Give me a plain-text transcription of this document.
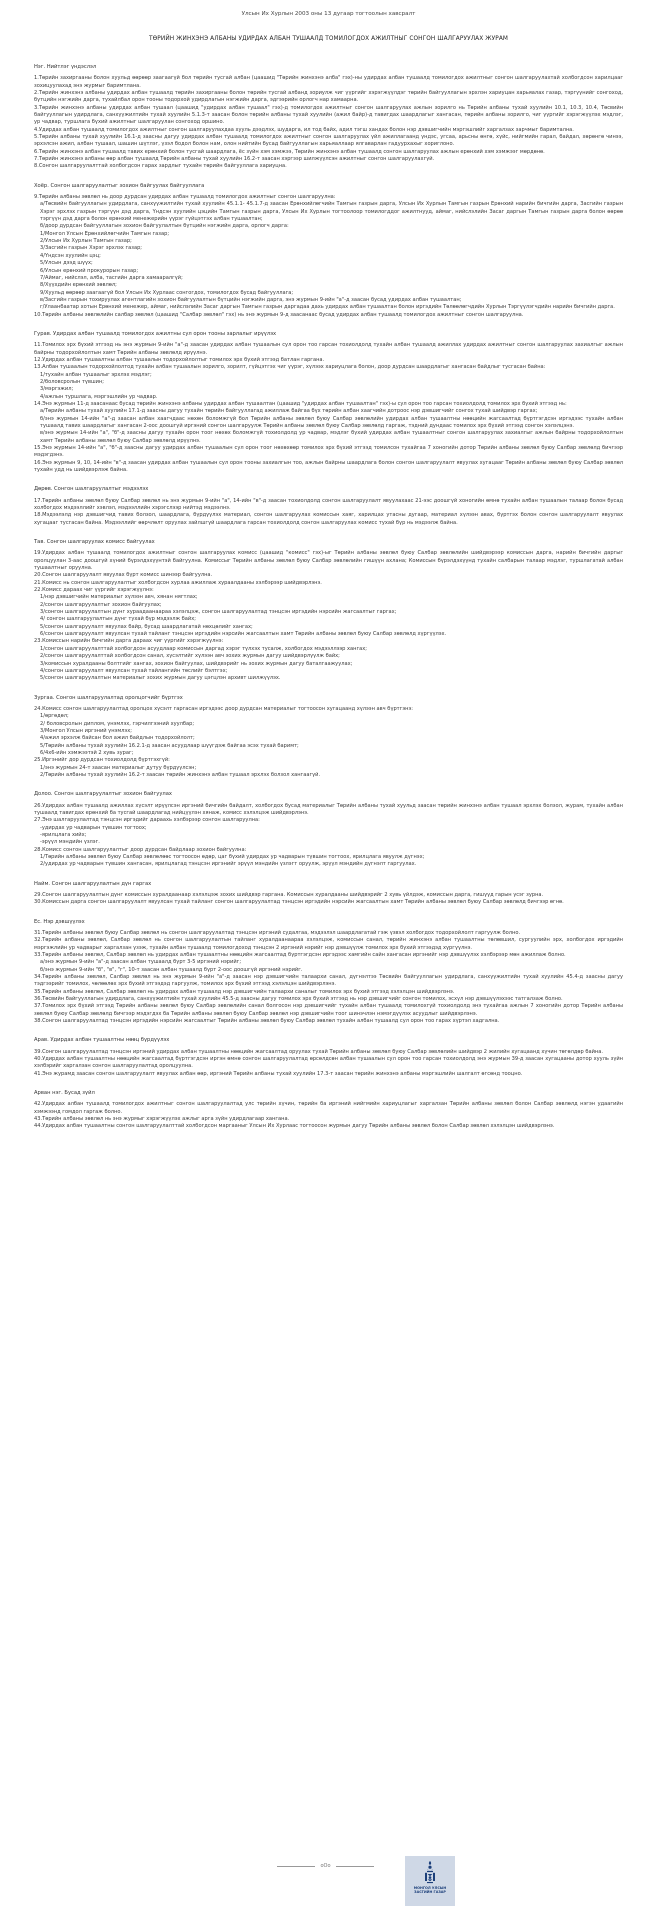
Улсын Их Хурлын 2003 оны 13 дугаар тогтоолын хавсралт
ТӨРИЙН ЖИНХЭНЭ АЛБАНЫ УДИРДАХ АЛБАН ТУШААЛД ТОМИЛОГДОХ АЖИЛТНЫГ СОНГОН ШАЛГАРУУЛАХ ЖУРАМ
Нэг. Нийтлэг үндэслэл

1.Төрийн захиргааны болон хуульд өөрөөр заагаагүй бол төрийн тусгай албан (цаашид "Төрийн жинхэнэ алба" гэх)-ны удирдах албан тушаалд томилогдох ажилтныг сонгон шалгаруулахтай холбогдсон харилцааг зохицуулахад энэ журмыг баримтлана.

2.Төрийн жинхэнэ албаны удирдах албан тушаалд төрийн захиргааны болон төрийн тусгай албанд зориулж чиг үүргийг хэрэгжүүлдэг төрийн байгууллагын эрхлэн хариуцан харьяалах газар, тэргүүнийг сонгоход, бүтцийн нэгжийн дарга, тухайлбал орон тооны тодорхой удирдлагын нэгжийн дарга, эдгээрийн орлогч нар хамаарна.

3.Төрийн жинхэнэ албаны удирдах албан тушаал (цаашид "удирдах албан тушаал" гэх)-д томилогдох ажилтныг сонгон шалгаруулах ажлын зорилго нь Төрийн албаны тухай хуулийн 10.1, 10.3, 10.4, Төсвийн байгууллагын удирдлага, санхүүжилтийн тухай хуулийн 5.1.3-т заасан болон төрийн албаны тухай хуулийн (ажил байр)-д тавигдах шаардлагыг хангасан, төрийн албаны зорилго, чиг үүргийг хэрэгжүүлэх мэдлэг, ур чадвар, туршлага бүхий ажилтныг шалгаруулан сонгоход оршино.

4.Удирдах албан тушаалд томилогдох ажилтныг сонгон шалгаруулахдаа хууль дээдлэх, шударга, ил тод байх, адил тэгш хандах болон нэр дэвшигчийн мэргэшлийг харгалзах зарчмыг баримтална.

5.Төрийн албаны тухай хуулийн 16.1-д заасны дагуу удирдах албан тушаалд томилогдох ажилтныг сонгон шалгаруулах үйл ажиллагаанд үндэс, угсаа, арьсны өнгө, хүйс, нийгмийн гарал, байдал, хөрөнгө чинээ, эрхэлсэн ажил, албан тушаал, шашин шүтлэг, үзэл бодол болон нам, олон нийтийн бусад байгууллагын харьяаллаар ялгаварлан гадуурхахыг хориглоно.

6.Төрийн жинхэнэ албан тушаалд тавих ерөнхий болон тусгай шаардлага, ёс зүйн хэм хэмжээ, Төрийн жинхэнэ албан тушаалд сонгон шалгаруулах ажлын ерөнхий хэм хэмжээг мөрдөнө.

7.Төрийн жинхэнэ албаны өөр албан тушаалд Төрийн албаны тухай хуулийн 16.2-т заасан хэргээр шилжүүлсэн ажилтныг сонгон шалгаруулахгүй.

8.Сонгон шалгаруулалттай холбогдсон гарах зардлыг тухайн төрийн байгууллага хариуцна.

Хоёр. Сонгон шалгаруулалтыг зохион байгуулах байгууллага

9.Төрийн албаны зөвлөл нь доор дурдсан удирдах албан тушаалд томилогдох ажилтныг сонгон шалгаруулна:

а/Төсвийн байгууллагын удирдлага, санхүүжилтийн тухай хуулийн 45.1.1- 45.1.7-д заасан Ерөнхийлөгчийн Тамгын газрын дарга, Улсын Их Хурлын Тамгын газрын Ерөнхий нарийн бичгийн дарга, Засгийн газрын Хэрэг эрхлэх газрын тэргүүн дэд дарга, Үндсэн хуулийн цэцийн Тамгын газрын дарга, Улсын Их Хурлын тогтоолоор томилогддог ажилтнууд, аймаг, нийслэлийн Засаг даргын Тамгын газрын дарга болон өөрөө тэргүүн дэд дарга болон ерөнхий менежерийн үүрэг гүйцэтгэх албан тушаалтан;

б/доор дурдсан байгууллагын зохион байгуулалтын бүтцийн нэгжийн дарга, орлогч дарга:

1/Монгол Улсын Ерөнхийлөгчийн Тамгын газар;

2/Улсын Их Хурлын Тамгын газар;

3/Засгийн газрын Хэрэг эрхлэх газар;

4/Үндсэн хуулийн цэц;

5/Улсын дээд шүүх;

6/Улсын ерөнхий прокурорын газар;

7/Аймаг, нийслэл, алба, тасгийн дарга хамааралгүй;

8/Хүүхдийн ерөнхий зөвлөл;

9/Хуульд өөрөөр заагаагүй бол Улсын Их Хурлаас сонгогдох, томилогдох бусад байгууллага;

в/Засгийн газрын тохируулах агентлагийн зохион байгуулалтын бүтцийн нэгжийн дарга, энэ журмын 9-ийн "а"-д заасан бусад удирдах албан тушаалтан;

г/Улаанбаатар хотын Ерөнхий менежер, аймаг, нийслэлийн Засаг даргын Тамгын газрын даргадаа дахь удирдах албан тушаалтан болон иргэдийн Төлөөлөгчдийн Хурлын Тэргүүлэгчдийн нарийн бичгийн дарга.

10.Төрийн албаны зөвлөлийн салбар зөвлөл (цаашид "Салбар зөвлөл" гэх) нь энэ журмын 9-д заасанаас бусад удирдах албан тушаалд томилогдох ажилтныг сонгон шалгаруулна.

Гурав. Удирдах албан тушаалд томилогдох ажилтны сул орон тооны зарлалыг ирүүлэх

11.Томилох эрх бүхий этгээд нь энэ журмын 9-ийн "а"-д заасан удирдах албан тушаалын сул орон тоо гарсан тохиолдолд тухайн албан тушаалд ажиллах удирдах ажилтныг сонгон шалгаруулах захиалгыг ажлын байрны тодорхойлолтын хамт Төрийн албаны зөвлөлд ирүүлнэ.

12.Удирдах албан тушаалтны албан тушаалын тодорхойлолтыг томилох эрх бүхий этгээд батлан гаргана.

13.Албан тушаалын тодорхойлолтод тухайн албан тушаалын зорилго, зорилт, гүйцэтгэх чиг үүрэг, хүлээх хариуцлага болон, доор дурдсан шаардлагыг хангасан байдлыг тусгасан байна:

1/тухайн албан тушаалыг эрхлэх мэдлэг;

2/боловсролын түвшин;

3/мэргэжил;

4/ажлын туршлага, мэргэшлийн ур чадвар.

14.Энэ журмын 11-д заасанаас бусад төрийн жинхэнэ албаны удирдах албан тушаалтан (цаашид "удирдах албан тушаалтан" гэх)-ы сул орон тоо гарсан тохиолдолд томилох эрх бүхий этгээд нь:

а/Төрийн албаны тухай хуулийн 17.1-д заасны дагуу тухайн төрийн байгууллагад ажиллаж байгаа бүх төрийн албан хаагчийн дотроос нэр дэвшигчийг сонгох тухай шийдвэр гаргах;

б/энэ журмын 14-ийн "а"-д заасан албан хаагчдаас нөхөн боломжгүй бол Төрийн албаны зөвлөл буюу Салбар зөвлөлийн удирдах албан тушаалтны нөөцийн жагсаалтад бүртгэгдсэн иргэдээс тухайн албан тушаалд тавих шаардлагыг хангасан 2-оос доошгүй иргэний сонгон шалгаруулж Төрийн албаны зөвлөл буюу Салбар зөвлөлд гаргаж, тэдний дундаас томилох эрх бүхий этгээд сонгон хэлэлцэнэ.

в/энэ журмын 14-ийн "а", "б"-д заасны дагуу тухайн орон тоог нөхөх боломжгүй тохиолдолд ур чадвар, мэдлэг бүхий удирдах албан тушаалтныг сонгон шалгаруулах захиалгыг ажлын байрны тодорхойлолтын хамт Төрийн албаны зөвлөл буюу Салбар зөвлөлд ирүүлнэ.

15.Энэ журмын 14-ийн "а", "б"-д заасны дагуу удирдах албан тушаалын сул орон тоог нөхөхөөр томилох эрх бүхий этгээд томилсон тухайгаа 7 хоногийн дотор Төрийн албаны зөвлөл буюу Салбар зөвлөлд бичгээр мэдэгдэнэ.

16.Энэ журмын 9, 10, 14-ийн "в"-д заасан удирдах албан тушаалын сул орон тооны захиалгын тоо, ажлын байрны шаардлага болон сонгон шалгаруулалт явуулах хугацааг Төрийн албаны зөвлөл буюу Салбар зөвлөл тухайн удд нь шийдвэрлэж байна.

Дөрөв. Сонгон шалгаруулалтыг мэдээлэх

17.Төрийн албаны зөвлөл буюу Салбар зөвлөл нь энэ журмын 9-ийн "а", 14-ийн "в"-д заасан тохиолдолд сонгон шалгаруулалт явуулахаас 21-ээс доошгүй хоногийн өмнө тухайн албан тушаалын талаар болон бусад холбогдох мэдээллийг хэвлэл, мэдээллийн хэрэгслээр нийтэд мэдээлнэ.

18.Мэдээлэлд нэр дэвшигчид тавих болзол, шаардлага, бүрдүүлэх материал, сонгон шалгаруулах комиссын хаяг, харилцах утасны дугаар, материал хүлээн авах, бүртгэх болон сонгон шалгаруулалт явуулах хугацааг тусгасан байна. Мэдээллийг өөрчлөлт оруулах зайлшгүй шаардлага гарсан тохиолдолд сонгон шалгаруулах комисс тухай бүр нь мэдээлж байна.

Тав. Сонгон шалгаруулах комисс байгуулах

19.Удирдах албан тушаалд томилогдох ажилтныг сонгон шалгаруулах комисс (цаашид "комисс" гэх)-ыг Төрийн албаны зөвлөл буюу Салбар зөвлөлийн шийдвэрээр комиссын дарга, нарийн бичгийн даргыг оролцуулан 3-аас доошгүй хүний бүрэлдэхүүнтэй байгуулна. Комиссыг Төрийн албаны зөвлөл буюу Салбар зөвлөлийн гишүүн ахлана; Комиссын бүрэлдэхүүнд тухайн салбарын талаар мэдлэг, туршлагатай албан тушаалтныг оруулна.

20.Сонгон шалгаруулалт явуулах бүрт комисс шинээр байгуулна.

21.Комисс нь сонгон шалгаруулалтыг холбогдсон хурлаа ажиллаж хураалдааны хэлбэрээр шийдвэрлэнэ.

22.Комисс дараах чиг үүргийг хэрэгжүүлнэ:

1/нэр дэвшигчийн материалыг хүлээн авч, хянан нягтлах;

2/сонгон шалгаруулалтыг зохион байгуулах;

3/сонгон шалгаруулалтын дүнг хураадаанаараа хэлэлцэж, сонгон шалгаруулалтад тэнцсэн иргэдийн нэрсийн жагсаалтыг гаргах;

4/ сонгон шалгаруулалтын дүнг тухай бүр мэдээлж байх;

5/сонгон шалгаруулалт явуулах байр, бусад шаардлагатай нөхцөлийг хангах;

6/сонгон шалгаруулалт явуулсан тухай тайланг тэнцсэн иргэдийн нэрсийн жагсаалтын хамт Төрийн албаны зөвлөл буюу Салбар зөвлөлд хүргүүлэх.

23.Комиссын нарийн бичгийн дарга дараах чиг үүргийг хэрэгжүүлнэ:

1/сонгон шалгаруулалттай холбогдсон асуудлаар комиссын даргад хэрэг түлхэх тусалж, холбогдох мэдээллээр хангах;

2/сонгон шалгаруулалттай холбогдсон санал, хүсэлтийг хүлээн авч зохих журмын дагуу шийдвэрлүүлж байх;

3/комиссын хуралдааны болтгийг хангах, зохион байгуулах, шийдвэрийг нь зохих журмын дагуу баталгаажуулах;

4/сонгон шалгаруулалт явуулсан тухай тайлангийн төслийг бэлтгэх;

5/сонгон шалгаруулалтын материалыг зохих журмын дагуу цэгцлэн архивт шилжүүлэх.

Зургаа. Сонгон шалгаруулалтад оролцогчийг бүртгэх

24.Комисс сонгон шалгаруулалтад оролцох хүсэлт гаргасан иргэдээс доор дурдсан материалыг тогтоосон хугацаанд хүлээн авч бүртгэнэ:

1/өргөдөл;

2/ боловсролын диплом, үнэмлэх, гэрчилгээний хуулбар;

3/Монгол Улсын иргэний үнэмлэх;

4/ажил эрхэлж байсан бол ажил байдлын тодорхойлолт;

5/Төрийн албаны тухай хуулийн 16.2.1-д заасан асуудлаар шүүгдэж байгаа эсэх тухай баримт;

6/4х6-ийн хэмжээтэй 2 хувь зураг;

25.Иргэнийг дор дурдсан тохиолдолд бүртгэхгүй:

1/энэ журмын 24-т заасан материалыг дутуу бүрдүүлсэн;

2/Төрийн албаны тухай хуулийн 16.2-т заасан төрийн жинхэнэ албан тушаал эрхлэх болзол хангаагүй.

Долоо. Сонгон шалгаруулалтыг зохион байгуулах

26.Удирдах албан тушаалд ажиллах хүсэлт ирүүлсэн иргэний бичгийн байдалт, холбогдох бусад материалыг Төрийн албаны тухай хуульд заасан төрийн жинхэнэ албан тушаал эрхлэх болзол, журам, тухайн албан тушаалд тавигдах ерөнхий ба тусгай шаардлагад нийцүүлэн хянаж, комисс хэлэлцэж шийдвэрлэнэ.

27.Энэ шалгаруулалтад тэнцсэн иргэдийг дараахь хэлбэрээр сонгон шалгаруулна:

-удирдах ур чадварын түвшин тогтоох;

-ярилцлага хийх;

-эрүүл мэндийн үзлэг.

28.Комисс сонгон шалгаруулалтыг доор дурдсан байдлаар зохион байгуулна:

1/Төрийн албаны зөвлөл буюу Салбар зөвлөлөөс тогтоосон өдөр, цаг бүхий удирдах ур чадварын түвшин тогтоох, ярилцлага явуулж дүгнэх;

2/удирдах ур чадварын түвшин хангасан, ярилцлагад тэнцсэн иргэнийг эрүүл мэндийн үзлэгт оруулж, эрүүл мэндийн дүгнэлт гаргуулах.

Найм. Сонгон шалгаруулалтын дүн гаргах

29.Сонгон шалгаруулалтын дүнг комиссын хуралдаанаар хэлэлцэж зохих шийдвэр гаргана. Комиссын хуралдааны шийдвэрийг 2 хувь үйлдэж, комиссын дарга, гишүүд гарын үсэг зурна.

30.Комиссын дарга сонгон шалгаруулалт явуулсан тухай тайланг сонгон шалгаруулалтад тэнцсэн иргэдийн нэрсийн жагсаалтын хамт Төрийн албаны зөвлөл буюу Салбар зөвлөлд бичгээр өгнө.

Ес. Нэр дэвшүүлэх

31.Төрийн албаны зөвлөл буюу Салбар зөвлөл нь сонгон шалгаруулалтад тэнцсэн иргэний судалгаа, мэдээлэл шаардлагатай гэж үзвэл холбогдох тодорхойлолт гаргуулж болно.

32.Төрийн албаны зөвлөл, Салбар зөвлөл нь сонгон шалгаруулалтын тайланг хуралдаанаараа хэлэлцэж, комиссын санал, төрийн жинхэнэ албан тушаалтны төлөвшил, сургуулийн эрх, холбогдох иргэдийн мэргэжлийн ур чадварыг харгалзан үзэж, тухайн албан тушаалд томилогдоход тэнцсэн 2 иргэний нэрийг нэр дэвшүүлж томилох эрх бүхий этгээдэд хүргүүлнэ.

33.Төрийн албаны зөвлөл, Салбар зөвлөл нь удирдах албан тушаалтны нөөцийн жагсаалтад бүртгэгдсэн иргэдээс хамгийн сайн хангасан иргэнийг нэр дэвшүүлэх хэлбэрээр мөн ажиллаж болно.

а/энэ журмын 9-ийн "а"-д заасан албан тушаалд бүрт 3-5 иргэний нэрийг;

б/энэ журмын 9-ийн "б", "в", "г", 10-т заасан албан тушаалд бүрт 2-оос доошгүй иргэний нэрийг.

34.Төрийн албаны зөвлөл, Салбар зөвлөл нь энэ журмын 9-ийн "а"-д заасан нэр дэвшигчийн талаархи санал, дүгнэлтээ Төсвийн байгууллагын удирдлага, санхүүжилтийн тухай хуулийн 45.4-д заасны дагуу тэдгээрийг томилох, чөлөөлөх эрх бүхий этгээдэд гаргуулж, томилох эрх бүхий этгээд хэлэлцэн шийдвэрлэнэ.

35.Төрийн албаны зөвлөл, Салбар зөвлөл нь удирдах албан тушаалд нэр дэвшигчийн талаархи саналыг томилох эрх бүхий этгээд хэлэлцэн шийдвэрлэнэ.

36.Төсвийн байгууллагын удирдлага, санхүүжилтийн тухай хуулийн 45.5-д заасны дагуу томилох эрх бүхий этгээд нь нэр дэвшигчийг сонгон томилох, эсхүл нэр дэвшүүлэхээс татгалзаж болно.

37.Томилох эрх бүхий этгээд Төрийн албаны зөвлөл буюу Салбар зөвлөлийн санал болгосон нэр дэвшигчийг тухайн албан тушаалд томилохгүй тохиолдолд энэ тухайгаа ажлын 7 хоногийн дотор Төрийн албаны зөвлөл буюу Салбар зөвлөлд бичгээр мэдэгдэх ба Төрийн албаны зөвлөл буюу Салбар зөвлөл нэр дэвшигчийн тоог шинэчлэн нэмэгдүүлэх асуудлыг шийдвэрлэнэ.

38.Сонгон шалгаруулалтад тэнцсэн иргэдийн нэрсийн жагсаалтыг Төрийн албаны зөвлөл буюу Салбар зөвлөл тухайн албан тушаалд сул орон тоо гарах хүртэл хадгална.

Арав. Удирдах албан тушаалтны нөөц бүрдүүлэх

39.Сонгон шалгаруулалтад тэнцсэн иргэний удирдах албан тушаалтны нөөцийн жагсаалтад оруулах тухай Төрийн албаны зөвлөл буюу Салбар зөвлөлийн шийдвэр 2 жилийн хугацаанд хүчин төгөлдөр байна.

40.Удирдах албан тушаалтны нөөцийн жагсаалтад бүртгэгдсэн иргэн өмнө сонгон шалгаруулалтад өрсөлдсөн албан тушаалын сул орон тоо гарсан тохиолдолд энэ журмын 39-д заасан хугацааны дотор хууль зүйн хэлбэрийг харгалзан сонгон шалгаруулалтад оролцуулна.

41.Энэ журамд заасан сонгон шалгаруулалт явуулах албан өөр, иргэний Төрийн албаны тухай хуулийн 17.3-т заасан төрийн жинхэнэ албаны мэргэшлийн шалгалт өгсөнд тооцно.

Арван нэг. Бусад зүйл

42.Удирдах албан тушаалд томилогдох ажилтныг сонгон шалгаруулалтад улс төрийн хүчин, төрийн ба иргэний нийгмийн хариуцлагыг харгалзан Төрийн албаны зөвлөл болон Салбар зөвлөлд нэгэн удаагийн хэмжээнд гомдол гаргаж болно.

43.Төрийн албаны зөвлөл нь энэ журмыг хэрэгжүүлэх ажлыг арга зүйн удирдлагаар хангана.

44.Удирдах албан тушаалтны сонгон шалгаруулалттай холбогдсон маргааныг Улсын Их Хурлаас тогтоосон журмын дагуу Төрийн албаны зөвлөл болон Салбар зөвлөл хэлэлцэн шийдвэрлэнэ.

оОо
МОНГОЛ УЛСЫН
ЗАСГИЙН ГАЗАР
